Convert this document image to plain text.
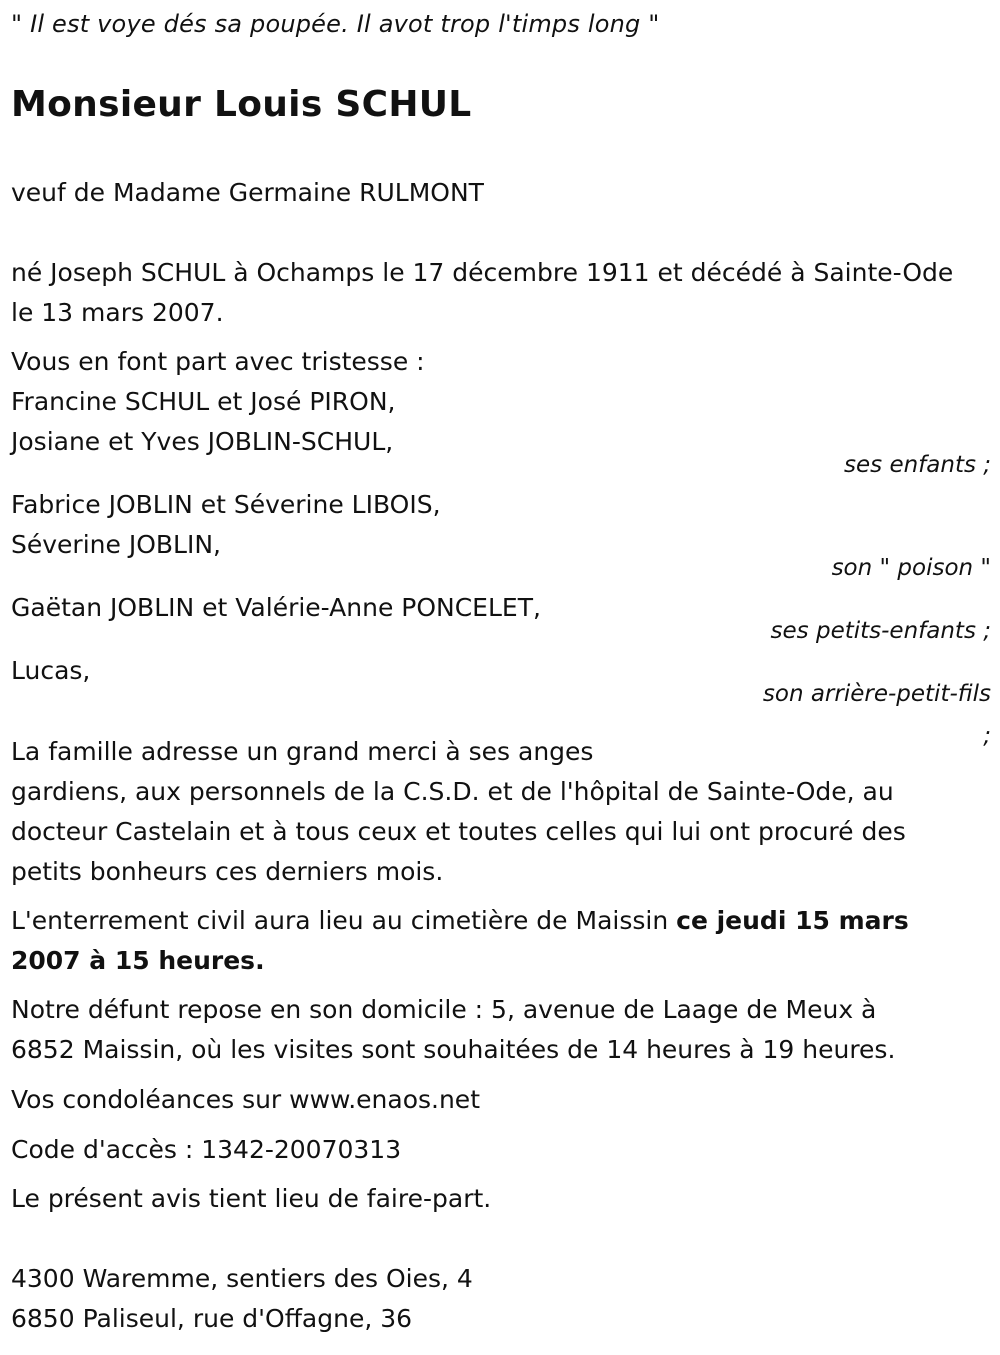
" Il est voye dés sa poupée. Il avot trop l'timps long "
Monsieur Louis SCHUL
veuf de Madame Germaine RULMONT
né Joseph SCHUL à Ochamps le 17 décembre 1911 et décédé à Sainte-Ode
le 13 mars 2007.
Vous en font part avec tristesse :
Francine SCHUL et José PIRON,
Josiane et Yves JOBLIN-SCHUL,
ses enfants ;
Fabrice JOBLIN et Séverine LIBOIS,
Séverine JOBLIN,
son " poison "
Gaëtan JOBLIN et Valérie-Anne PONCELET,
ses petits-enfants ;
Lucas,
son arrière-petit-fils
;
La famille adresse un grand merci à ses anges
gardiens, aux personnels de la C.S.D. et de l'hôpital de Sainte-Ode, au
docteur Castelain et à tous ceux et toutes celles qui lui ont procuré des
petits bonheurs ces derniers mois.
L'enterrement civil aura lieu au cimetière de Maissin ce jeudi 15 mars
2007 à 15 heures.
Notre défunt repose en son domicile : 5, avenue de Laage de Meux à
6852 Maissin, où les visites sont souhaitées de 14 heures à 19 heures.
Vos condoléances sur www.enaos.net
Code d'accès : 1342-20070313
Le présent avis tient lieu de faire-part.
4300 Waremme, sentiers des Oies, 4
6850 Paliseul, rue d'Offagne, 36
